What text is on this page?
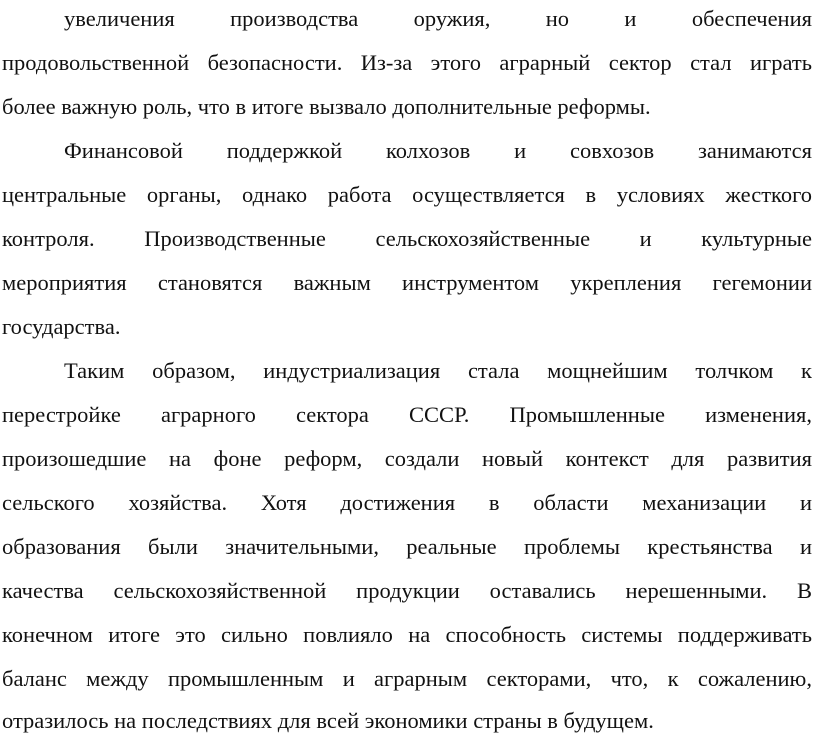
увеличения производства оружия, но и обеспечения
продовольственной безопасности. Из-за этого аграрный сектор стал играть
более важную роль, что в итоге вызвало дополнительные реформы.
Финансовой поддержкой колхозов и совхозов занимаются
центральные органы, однако работа осуществляется в условиях жесткого
контроля. Производственные сельскохозяйственные и культурные
мероприятия становятся важным инструментом укрепления гегемонии
государства.
Таким образом, индустриализация стала мощнейшим толчком к
перестройке аграрного сектора СССР. Промышленные изменения,
произошедшие на фоне реформ, создали новый контекст для развития
сельского хозяйства. Хотя достижения в области механизации и
образования были значительными, реальные проблемы крестьянства и
качества сельскохозяйственной продукции оставались нерешенными. В
конечном итоге это сильно повлияло на способность системы поддерживать
баланс между промышленным и аграрным секторами, что, к сожалению,
отразилось на последствиях для всей экономики страны в будущем.
